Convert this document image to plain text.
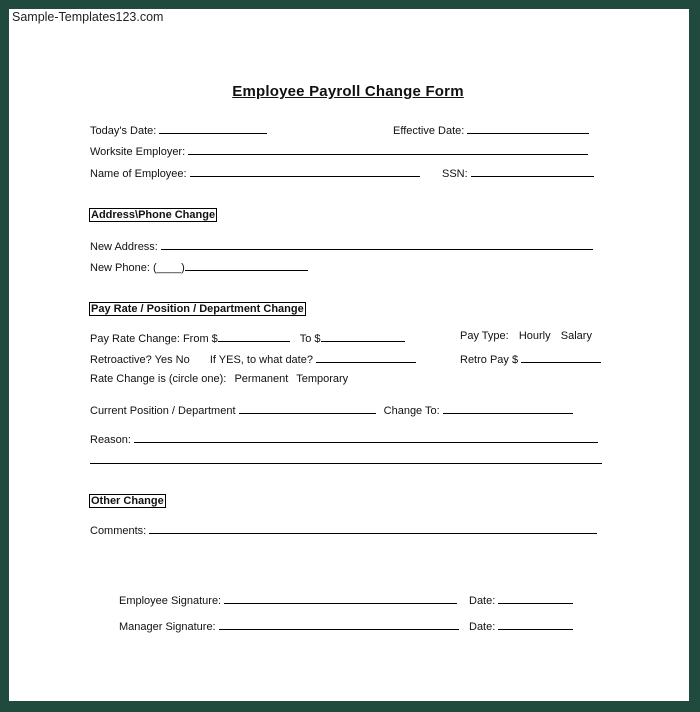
Sample-Templates123.com
Employee Payroll Change Form
Today's Date:	Effective Date:
Worksite Employer:
Name of Employee:	SSN:
Address\Phone Change
New Address:
New Phone: (____)
Pay Rate / Position / Department Change
Pay Rate Change: From $	To $	Pay Type: Hourly Salary
Retroactive? Yes No If YES, to what date?	Retro Pay $
Rate Change is (circle one): Permanent Temporary
Current Position / Department	Change To:
Reason:
Other Change
Comments:
Employee Signature:	Date:
Manager Signature:	Date:
